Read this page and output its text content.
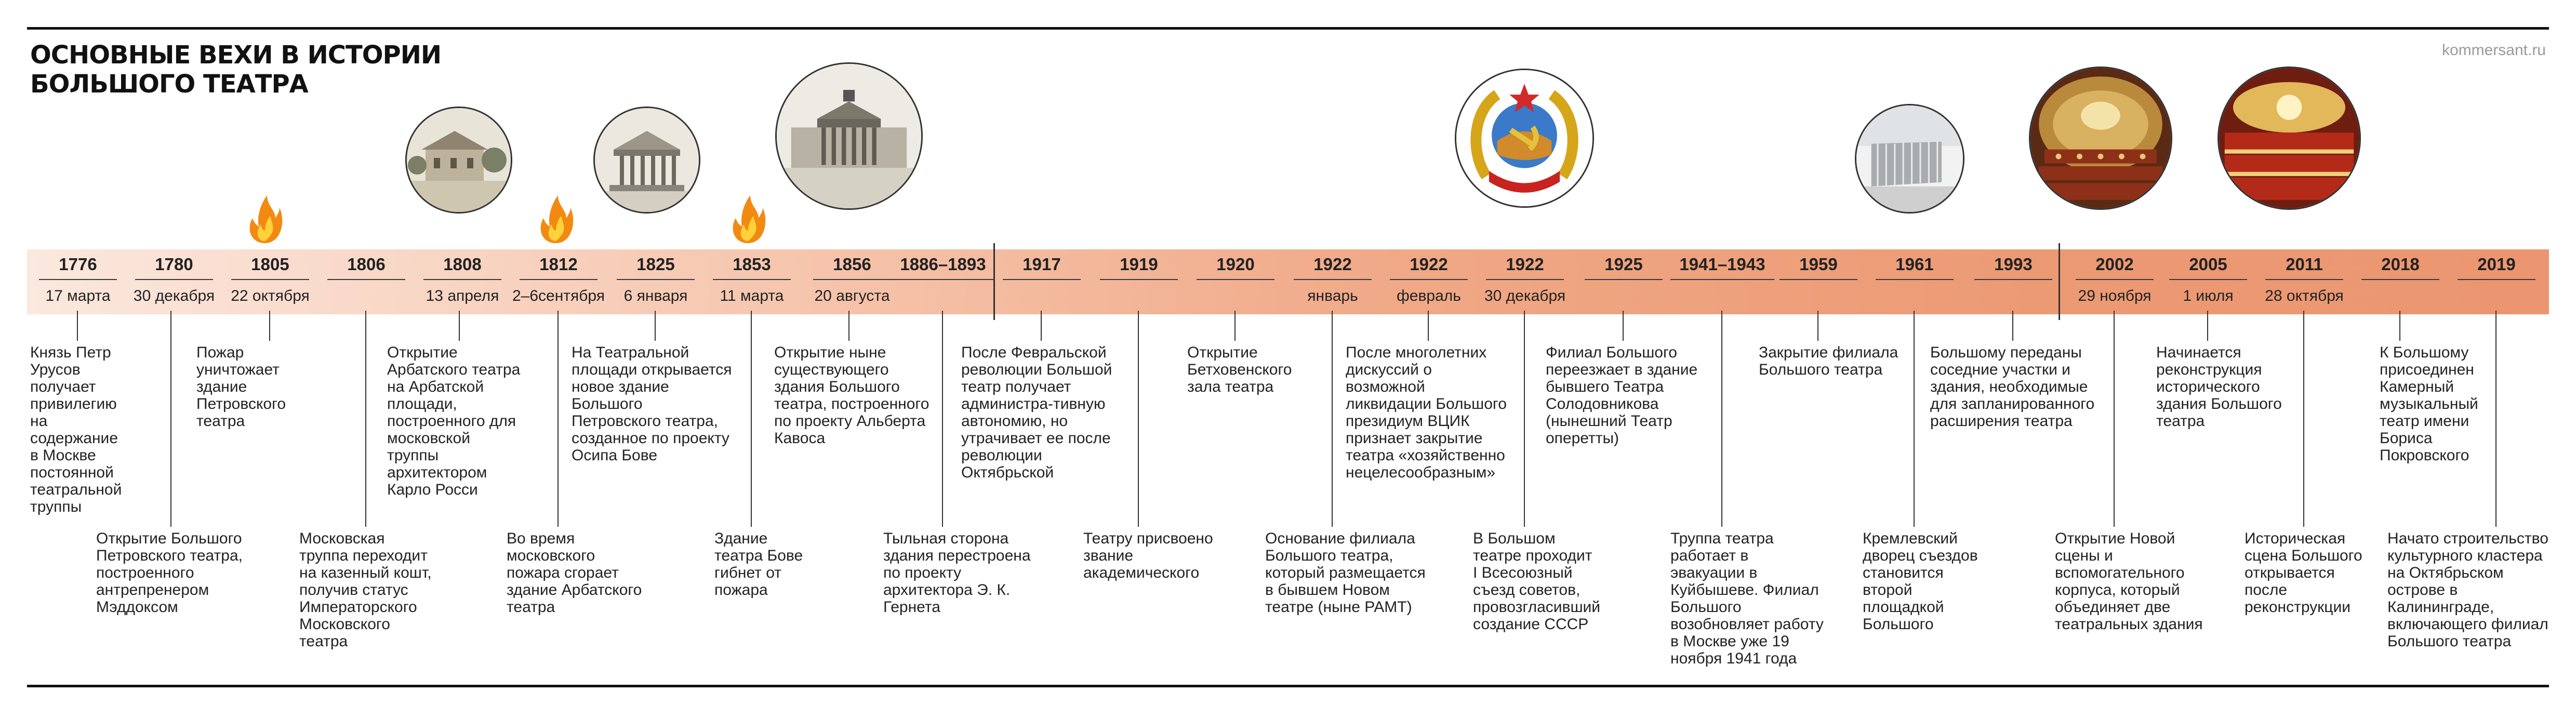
ОСНОВНЫЕ ВЕХИ В ИСТОРИИ
БОЛЬШОГО ТЕАТРА
kommersant.ru
1776
17 марта
Князь Петр Урусов получает привилегию на содержание в Москве постоянной театральной труппы
1780
30 декабря
Открытие Большого Петровского театра, построенного антрепренером Мэддоксом
1805
22 октября
Пожар уничтожает здание Петровского театра
1806
Московская труппа переходит на казенный кошт, получив статус Императорского Московского театра
1808
13 апреля
Открытие Арбатского театра на Арбатской площади, построенного для московской труппы архитектором Карло Росси
1812
2–6сентября
Во время московского пожара сгорает здание Арбатского театра
1825
6 января
На Театральной площади открывается новое здание Большого Петровского театра, созданное по проекту Осипа Бове
1853
11 марта
Здание театра Бове гибнет от пожара
1856
20 августа
Открытие ныне существующего здания Большого театра, построенного по проекту Альберта Кавоса
1886–1893
Тыльная сторона здания перестроена по проекту архитектора Э. К. Гернета
1917
После Февральской революции Большой театр получает администра-тивную автономию, но утрачивает ее после революции Октябрьской
1919
Театру присвоено звание академического
1920
Открытие Бетховенского зала театра
1922
январь
Основание филиала Большого театра, который размещается в бывшем Новом театре (ныне РАМТ)
1922
февраль
После многолетних дискуссий о возможной ликвидации Большого президиум ВЦИК признает закрытие театра «хозяйственно нецелесообразным»
1922
30 декабря
В Большом театре проходит I Всесоюзный съезд советов, провозгласивший создание СССР
1925
Филиал Большого переезжает в здание бывшего Театра Солодовникова (нынешний Театр оперетты)
1941–1943
Труппа театра работает в эвакуации в Куйбышеве. Филиал Большого возобновляет работу в Москве уже 19 ноября 1941 года
1959
Закрытие филиала Большого театра
1961
Кремлевский дворец съездов становится второй площадкой Большого
1993
Большому переданы соседние участки и здания, необходимые для запланированного расширения театра
2002
29 ноября
Открытие Новой сцены и вспомогательного корпуса, который объединяет две театральных здания
2005
1 июля
Начинается реконструкция исторического здания Большого театра
2011
28 октября
Историческая сцена Большого открывается после реконструкции
2018
К Большому присоединен Камерный музыкальный театр имени Бориса Покровского
2019
Начато строительство культурного кластера на Октябрьском острове в Калининграде, включающего филиал Большого театра
